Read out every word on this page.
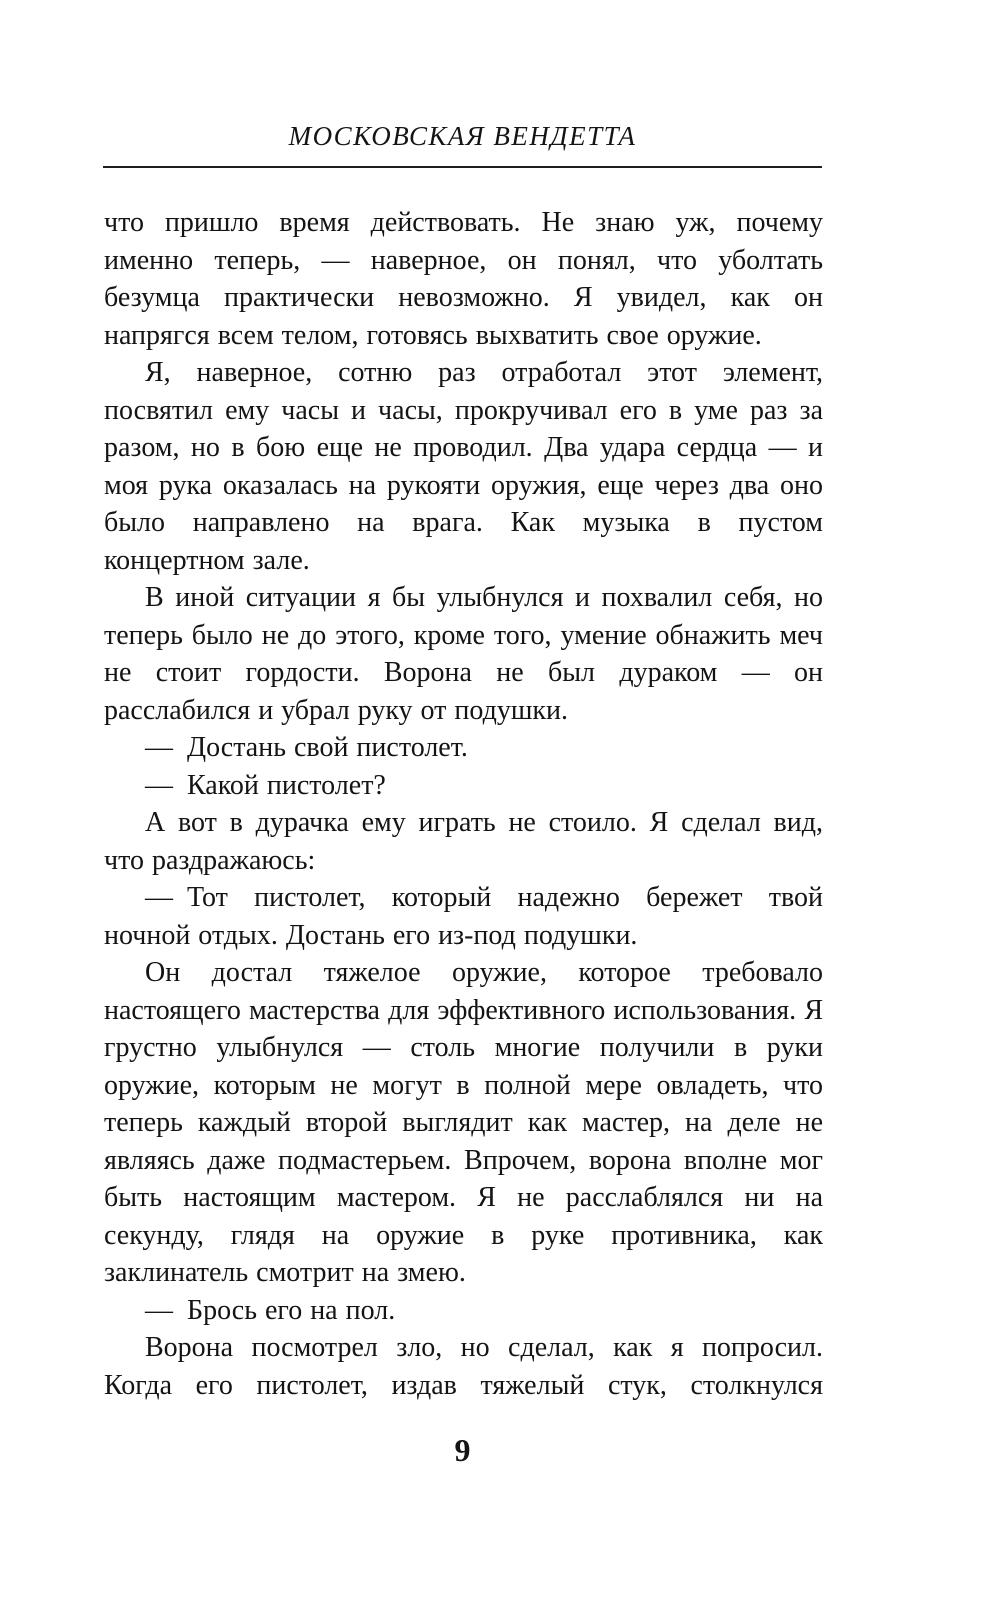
МОСКОВСКАЯ ВЕНДЕТТА

что пришло время действовать. Не знаю уж, почему именно теперь, — наверное, он понял, что уболтать безумца практически невозможно. Я увидел, как он напрягся всем телом, готовясь выхватить свое оружие.

Я, наверное, сотню раз отработал этот элемент, посвятил ему часы и часы, прокручивал его в уме раз за разом, но в бою еще не проводил. Два удара сердца — и моя рука оказалась на рукояти оружия, еще через два оно было направлено на врага. Как музыка в пустом концертном зале.

В иной ситуации я бы улыбнулся и похвалил себя, но теперь было не до этого, кроме того, умение обнажить меч не стоит гордости. Ворона не был дураком — он расслабился и убрал руку от подушки.

— Достань свой пистолет.

— Какой пистолет?

А вот в дурачка ему играть не стоило. Я сделал вид, что раздражаюсь:

— Тот пистолет, который надежно бережет твой ночной отдых. Достань его из-под подушки.

Он достал тяжелое оружие, которое требовало настоящего мастерства для эффективного использования. Я грустно улыбнулся — столь многие получили в руки оружие, которым не могут в полной мере овладеть, что теперь каждый второй выглядит как мастер, на деле не являясь даже подмастерьем. Впрочем, ворона вполне мог быть настоящим мастером. Я не расслаблялся ни на секунду, глядя на оружие в руке противника, как заклинатель смотрит на змею.

— Брось его на пол.

Ворона посмотрел зло, но сделал, как я попросил. Когда его пистолет, издав тяжелый стук, столкнулся

9
